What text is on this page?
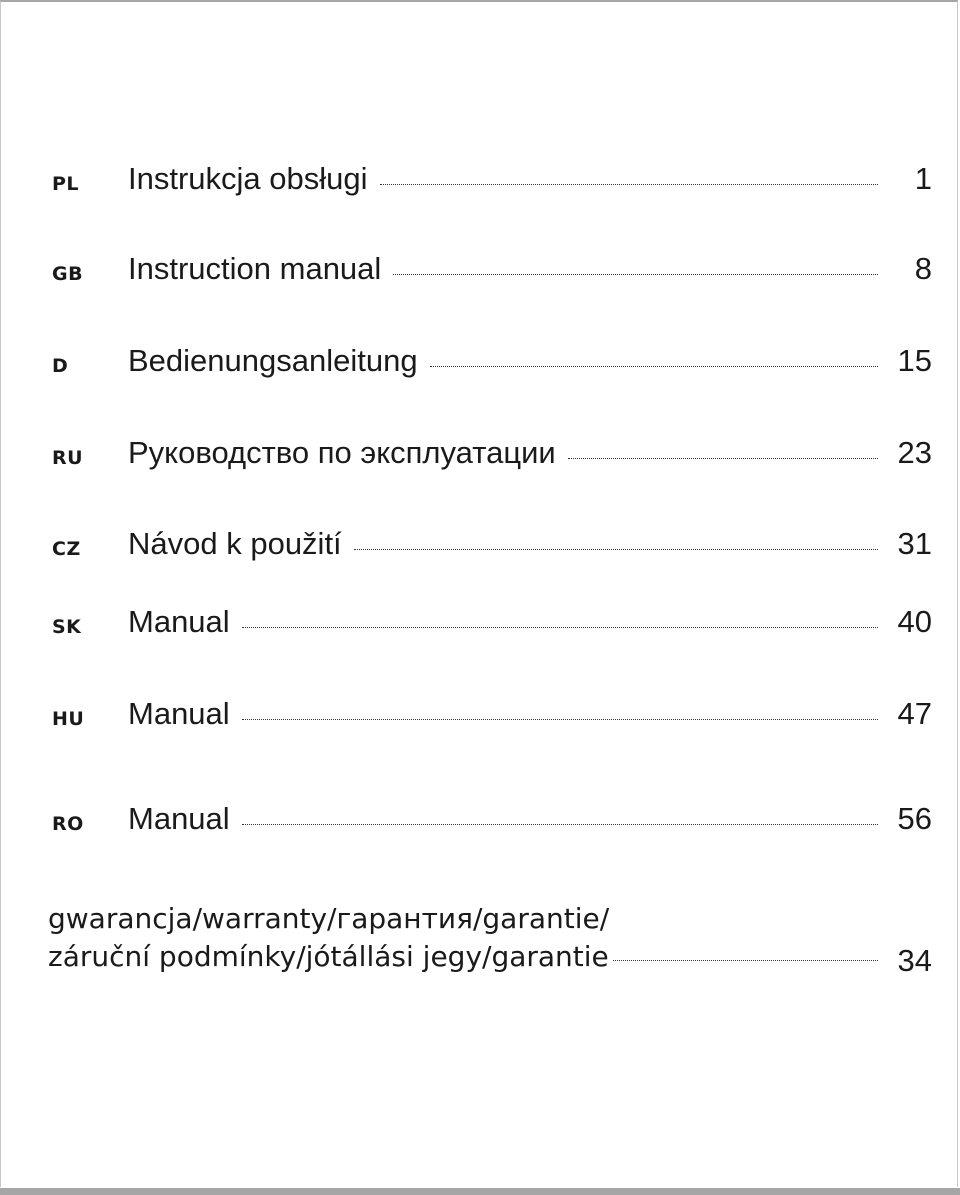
PL Instrukcja obsługi	1
GB Instruction manual	8
D Bedienungsanleitung	15
RU Руководство по эксплуатации	23
CZ Návod k použití	31
SK Manual	40
HU Manual	47
RO Manual	56
gwarancja/warranty/гарантия/garantie/
záruční podmínky/jótállási jegy/garantie	34
